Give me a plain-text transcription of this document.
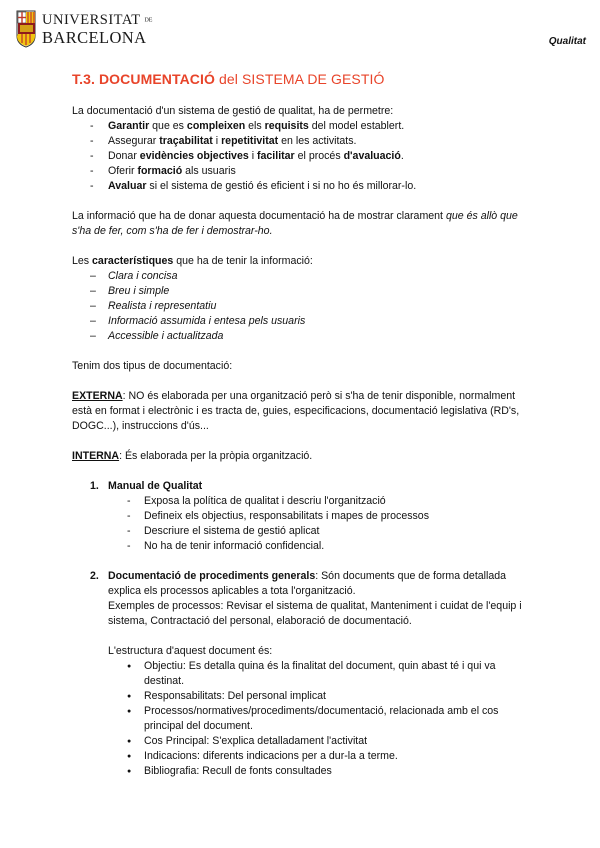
UNIVERSITAT DE
BARCELONA	Qualitat
T.3. DOCUMENTACIÓ del SISTEMA DE GESTIÓ

La documentació d'un sistema de gestió de qualitat, ha de permetre:

- Garantir que es compleixen els requisits del model establert.
- Assegurar traçabilitat i repetitivitat en les activitats.
- Donar evidències objectives i facilitar el procés d'avaluació.
- Oferir formació als usuaris
- Avaluar si el sistema de gestió és eficient i si no ho és millorar-lo.

La informació que ha de donar aquesta documentació ha de mostrar clarament que és allò que s'ha de fer, com s'ha de fer i demostrar-ho.

Les característiques que ha de tenir la informació:

– Clara i concisa
– Breu i simple
– Realista i representatiu
– Informació assumida i entesa pels usuaris
– Accessible i actualitzada

Tenim dos tipus de documentació:

EXTERNA: NO és elaborada per una organització però si s'ha de tenir disponible, normalment està en format i electrònic i es tracta de, guies, especificacions, documentació legislativa (RD's, DOGC...), instruccions d'ús...

INTERNA: És elaborada per la pròpia organització.

1. Manual de Qualitat
- Exposa la política de qualitat i descriu l'organització
- Defineix els objectius, responsabilitats i mapes de processos
- Descriure el sistema de gestió aplicat
- No ha de tenir informació confidencial.
2. Documentació de procediments generals: Són documents que de forma detallada explica els processos aplicables a tota l'organització.

Exemples de processos: Revisar el sistema de qualitat, Manteniment i cuidat de l'equip i sistema, Contractació del personal, elaboració de documentació.

L'estructura d'aquest document és:

● Objectiu: Es detalla quina és la finalitat del document, quin abast té i qui va destinat.
● Responsabilitats: Del personal implicat
● Processos/normatives/procediments/documentació, relacionada amb el cos principal del document.
● Cos Principal: S'explica detalladament l'activitat
● Indicacions: diferents indicacions per a dur-la a terme.
● Bibliografia: Recull de fonts consultades
